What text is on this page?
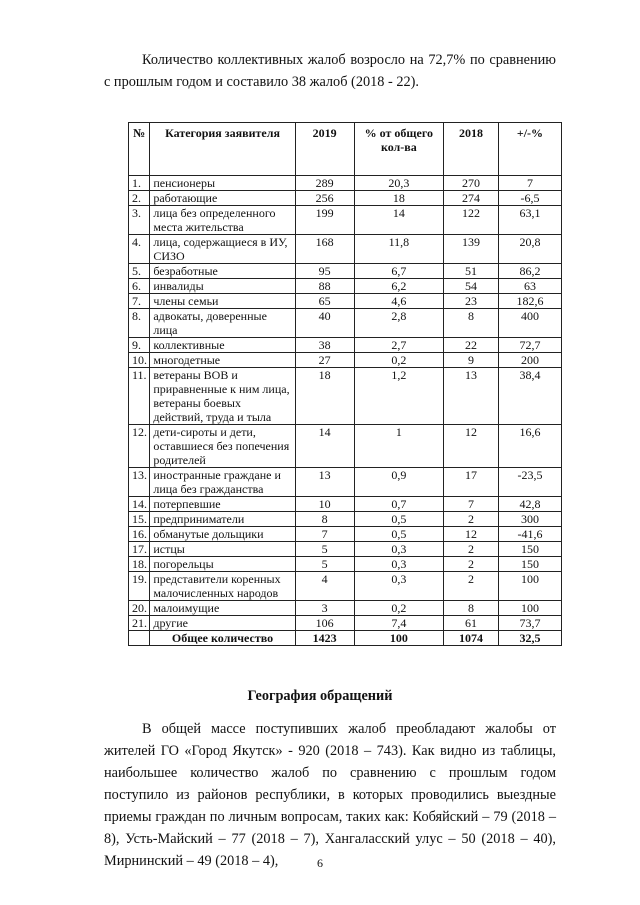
Количество коллективных жалоб возросло на 72,7% по сравнению с прошлым годом и составило 38 жалоб (2018 - 22).

№	Категория заявителя	2019	% от общего кол-ва	2018	+/-%
1.	пенсионеры	289	20,3	270	7
2.	работающие	256	18	274	-6,5
3.	лица без определенного места жительства	199	14	122	63,1
4.	лица, содержащиеся в ИУ, СИЗО	168	11,8	139	20,8
5.	безработные	95	6,7	51	86,2
6.	инвалиды	88	6,2	54	63
7.	члены семьи	65	4,6	23	182,6
8.	адвокаты, доверенные лица	40	2,8	8	400
9.	коллективные	38	2,7	22	72,7
10.	многодетные	27	0,2	9	200
11.	ветераны ВОВ и приравненные к ним лица, ветераны боевых действий, труда и тыла	18	1,2	13	38,4
12.	дети-сироты и дети, оставшиеся без попечения родителей	14	1	12	16,6
13.	иностранные граждане и лица без гражданства	13	0,9	17	-23,5
14.	потерпевшие	10	0,7	7	42,8
15.	предприниматели	8	0,5	2	300
16.	обманутые дольщики	7	0,5	12	-41,6
17.	истцы	5	0,3	2	150
18.	погорельцы	5	0,3	2	150
19.	представители коренных малочисленных народов	4	0,3	2	100
20.	малоимущие	3	0,2	8	100
21.	другие	106	7,4	61	73,7
	Общее количество	1423	100	1074	32,5
География обращений

В общей массе поступивших жалоб преобладают жалобы от жителей ГО «Город Якутск» - 920 (2018 – 743). Как видно из таблицы, наибольшее количество жалоб по сравнению с прошлым годом поступило из районов республики, в которых проводились выездные приемы граждан по личным вопросам, таких как: Кобяйский – 79 (2018 – 8), Усть-Майский – 77 (2018 – 7), Хангаласский улус – 50 (2018 – 40), Мирнинский – 49 (2018 – 4),	6
